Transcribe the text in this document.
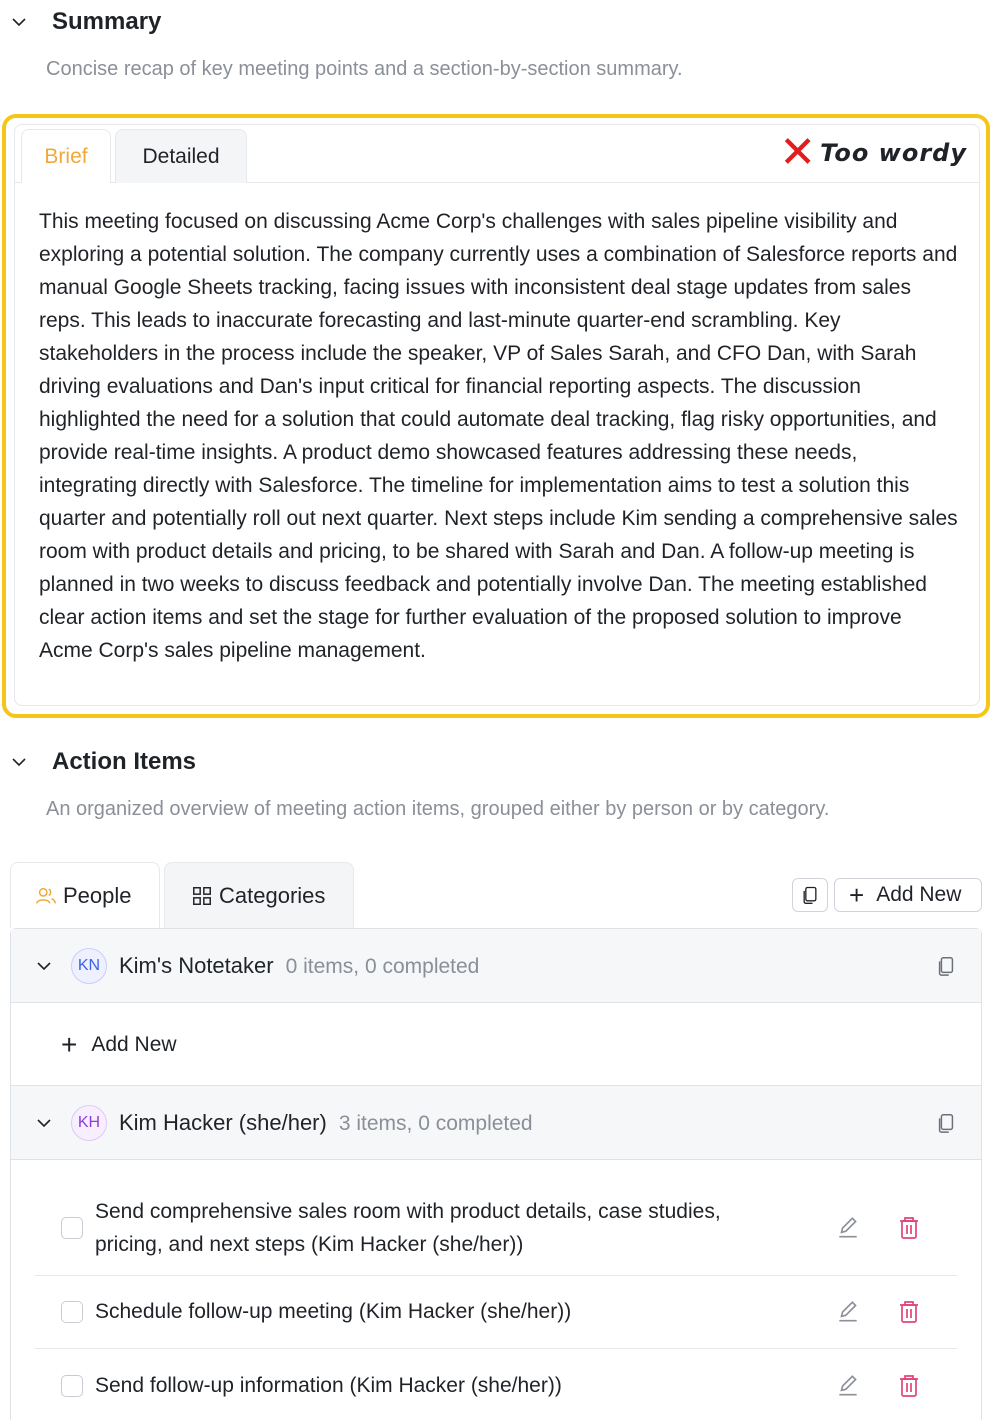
Summary
Concise recap of key meeting points and a section-by-section summary.
Brief	Detailed	✕ Too wordy
This meeting focused on discussing Acme Corp's challenges with sales pipeline visibility and exploring a potential solution. The company currently uses a combination of Salesforce reports and manual Google Sheets tracking, facing issues with inconsistent deal stage updates from sales reps. This leads to inaccurate forecasting and last-minute quarter-end scrambling. Key stakeholders in the process include the speaker, VP of Sales Sarah, and CFO Dan, with Sarah driving evaluations and Dan's input critical for financial reporting aspects. The discussion highlighted the need for a solution that could automate deal tracking, flag risky opportunities, and provide real-time insights. A product demo showcased features addressing these needs, integrating directly with Salesforce. The timeline for implementation aims to test a solution this quarter and potentially roll out next quarter. Next steps include Kim sending a comprehensive sales room with product details and pricing, to be shared with Sarah and Dan. A follow-up meeting is planned in two weeks to discuss feedback and potentially involve Dan. The meeting established clear action items and set the stage for further evaluation of the proposed solution to improve Acme Corp's sales pipeline management.
Action Items
An organized overview of meeting action items, grouped either by person or by category.
People	Categories	+ Add New
KN Kim's Notetaker 0 items, 0 completed
+ Add New
KH Kim Hacker (she/her) 3 items, 0 completed
Send comprehensive sales room with product details, case studies, pricing, and next steps (Kim Hacker (she/her))
Schedule follow-up meeting (Kim Hacker (she/her))
Send follow-up information (Kim Hacker (she/her))
